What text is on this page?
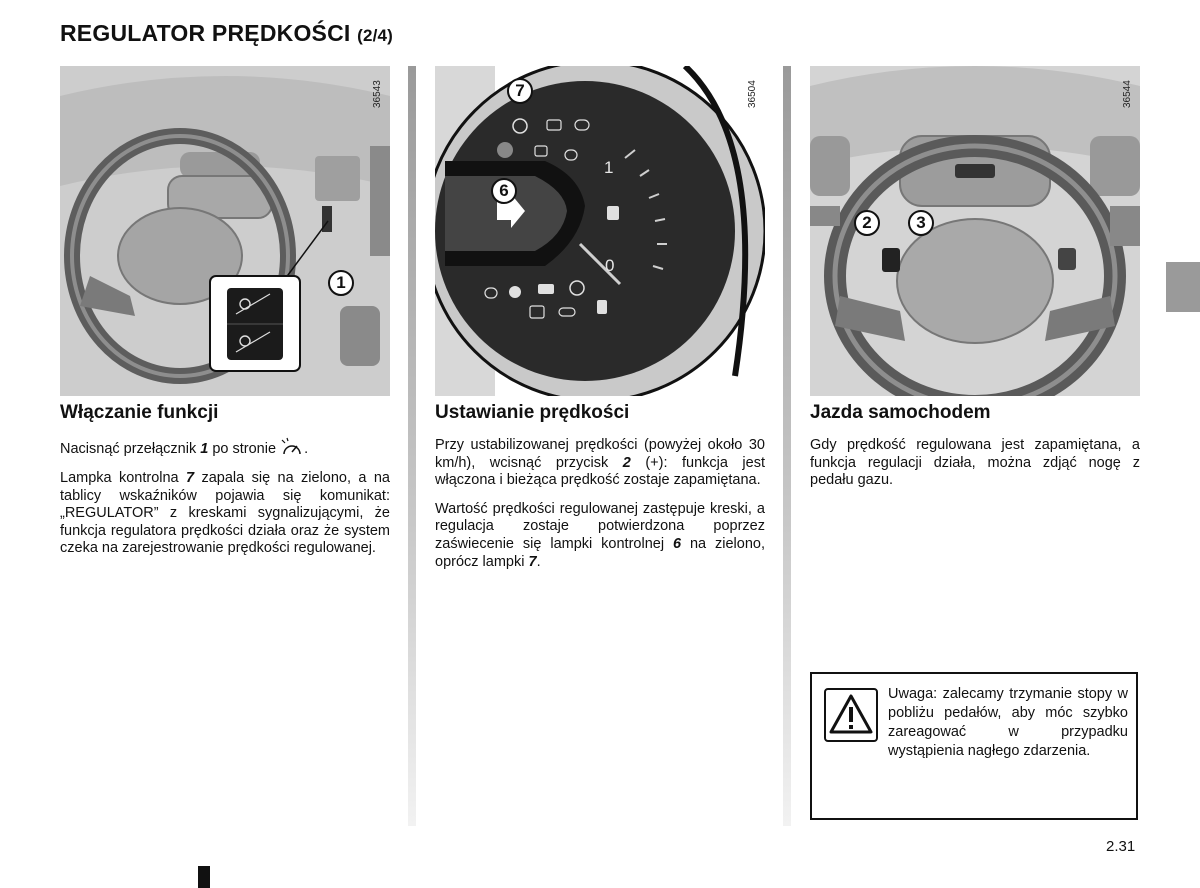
REGULATOR PRĘDKOŚCI (2/4)
36543
1
36504
1
0
7
6
36544
2	3
Włączanie funkcji

Nacisnąć przełącznik 1 po stronie .

Lampka kontrolna 7 zapala się na zielono, a na tablicy wskaźników pojawia się komunikat: „REGULATOR” z kreskami sygnalizującymi, że funkcja regulatora prędkości działa oraz że system czeka na zarejestrowanie prędkości regulowanej.

Ustawianie prędkości

Przy ustabilizowanej prędkości (powyżej około 30 km/h), wcisnąć przycisk 2 (+): funkcja jest włączona i bieżąca prędkość zostaje zapamiętana.

Wartość prędkości regulowanej zastępuje kreski, a regulacja zostaje potwierdzona poprzez zaświecenie się lampki kontrolnej 6 na zielono, oprócz lampki 7.

Jazda samochodem

Gdy prędkość regulowana jest zapamiętana, a funkcja regulacji działa, można zdjąć nogę z pedału gazu.

Uwaga: zalecamy trzymanie stopy w pobliżu pedałów, aby móc szybko zareagować w przypadku wystąpienia nagłego zdarzenia.
2.31
